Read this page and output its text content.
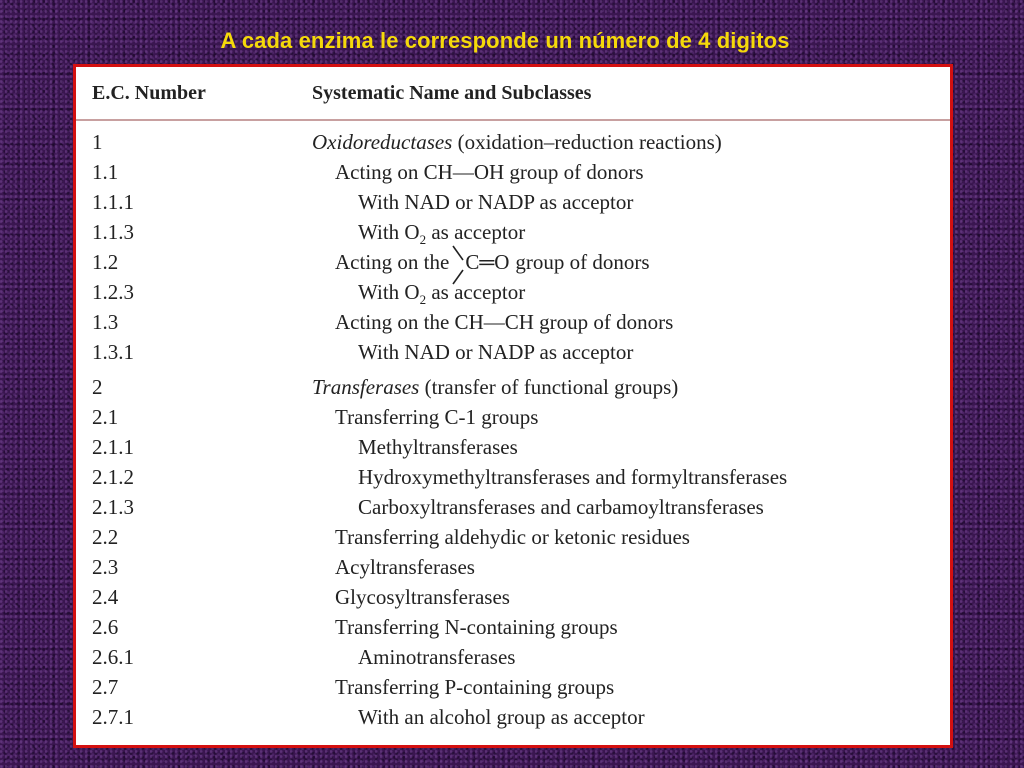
A cada enzima le corresponde un número de 4 digitos
E.C. Number	Systematic Name and Subclasses
1	Oxidoreductases (oxidation–reduction reactions)
1.1	Acting on CH—OH group of donors
1.1.1	With NAD or NADP as acceptor
1.1.3	With $O_2$ as acceptor
1.2	Acting on the C═O group of donors
1.2.3	With $O_2$ as acceptor
1.3	Acting on the CH—CH group of donors
1.3.1	With NAD or NADP as acceptor
2	Transferases (transfer of functional groups)
2.1	Transferring C-1 groups
2.1.1	Methyltransferases
2.1.2	Hydroxymethyltransferases and formyltransferases
2.1.3	Carboxyltransferases and carbamoyltransferases
2.2	Transferring aldehydic or ketonic residues
2.3	Acyltransferases
2.4	Glycosyltransferases
2.6	Transferring N-containing groups
2.6.1	Aminotransferases
2.7	Transferring P-containing groups
2.7.1	With an alcohol group as acceptor
